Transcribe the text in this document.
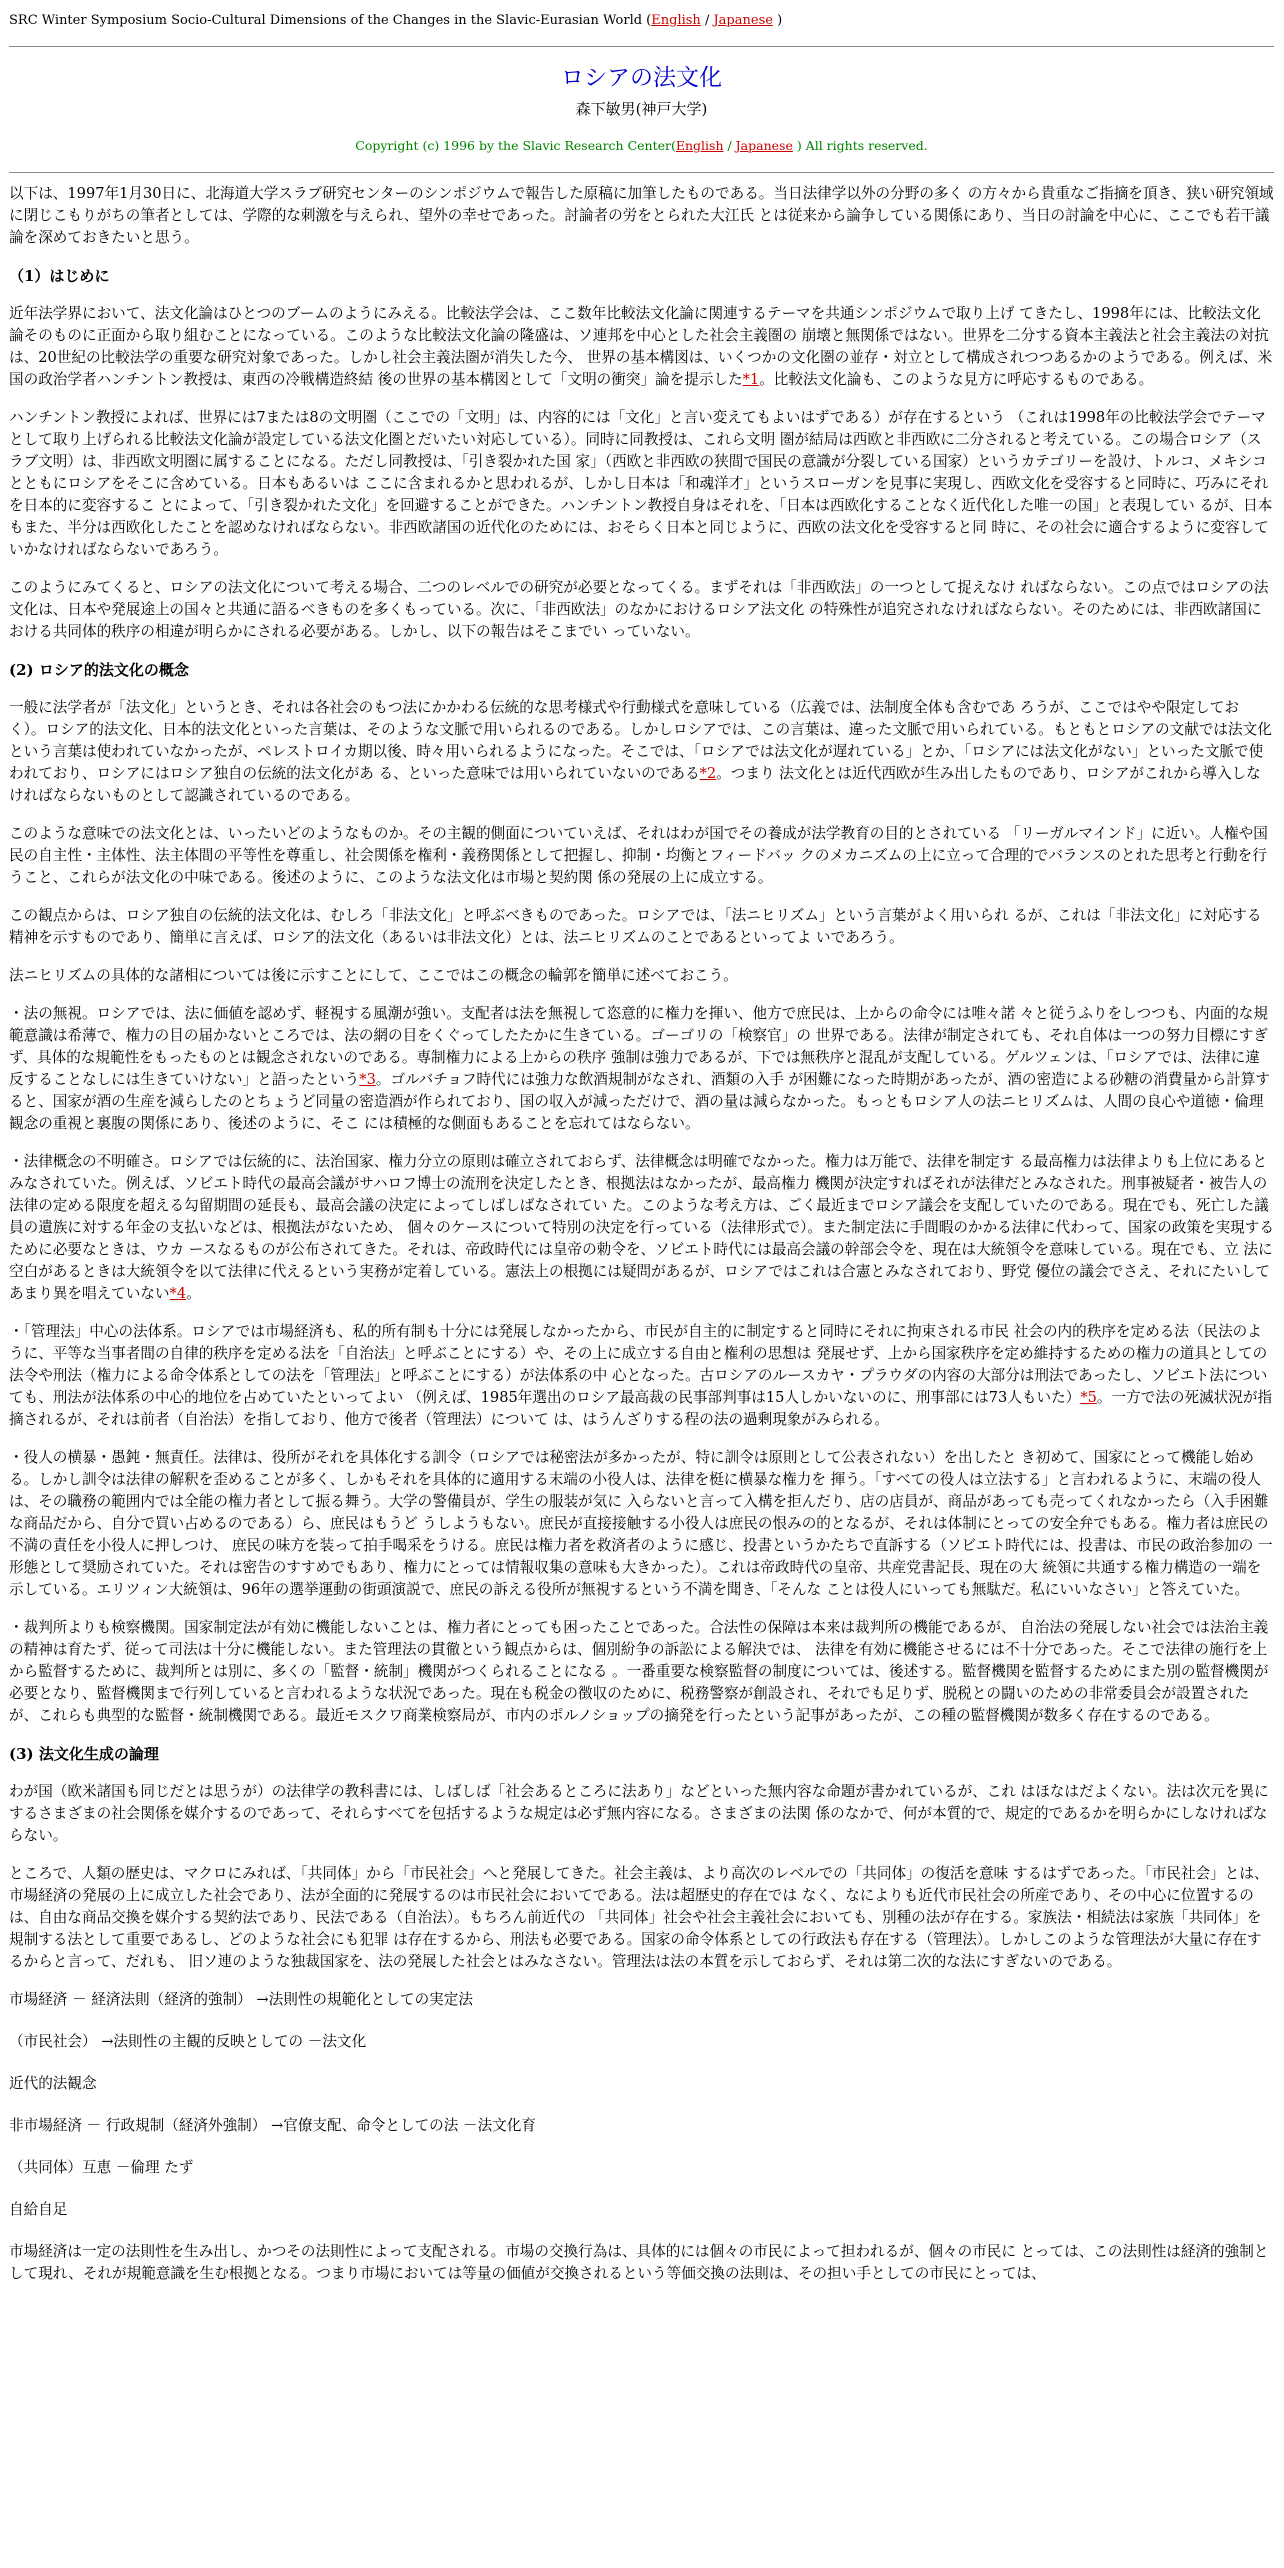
SRC Winter Symposium Socio-Cultural Dimensions of the Changes in the Slavic-Eurasian World (English / Japanese )
ロシアの法文化
森下敏男(神戸大学)
Copyright (c) 1996 by the Slavic Research Center(English / Japanese ) All rights reserved.

以下は、1997年1月30日に、北海道大学スラブ研究センターのシンポジウムで報告した原稿に加筆したものである。当日法律学以外の分野の多く の方々から貴重なご指摘を頂き、狭い研究領域に閉じこもりがちの筆者としては、学際的な刺激を与えられ、望外の幸せであった。討論者の労をとられた大江氏 とは従来から論争している関係にあり、当日の討論を中心に、ここでも若干議論を深めておきたいと思う。

（1）はじめに

近年法学界において、法文化論はひとつのブームのようにみえる。比較法学会は、ここ数年比較法文化論に関連するテーマを共通シンポジウムで取り上げ てきたし、1998年には、比較法文化論そのものに正面から取り組むことになっている。このような比較法文化論の隆盛は、ソ連邦を中心とした社会主義圏の 崩壊と無関係ではない。世界を二分する資本主義法と社会主義法の対抗は、20世紀の比較法学の重要な研究対象であった。しかし社会主義法圏が消失した今、 世界の基本構図は、いくつかの文化圏の並存・対立として構成されつつあるかのようである。例えば、米国の政治学者ハンチントン教授は、東西の冷戦構造終結 後の世界の基本構図として「文明の衝突」論を提示した*1。比較法文化論も、このような見方に呼応するものである。

ハンチントン教授によれば、世界には7または8の文明圏（ここでの「文明」は、内容的には「文化」と言い変えてもよいはずである）が存在するという （これは1998年の比較法学会でテーマとして取り上げられる比較法文化論が設定している法文化圏とだいたい対応している）。同時に同教授は、これら文明 圏が結局は西欧と非西欧に二分されると考えている。この場合ロシア（スラブ文明）は、非西欧文明圏に属することになる。ただし同教授は、「引き裂かれた国 家」（西欧と非西欧の狭間で国民の意識が分裂している国家）というカテゴリーを設け、トルコ、メキシコとともにロシアをそこに含めている。日本もあるいは ここに含まれるかと思われるが、しかし日本は「和魂洋才」というスローガンを見事に実現し、西欧文化を受容すると同時に、巧みにそれを日本的に変容するこ とによって、「引き裂かれた文化」を回避することができた。ハンチントン教授自身はそれを、「日本は西欧化することなく近代化した唯一の国」と表現してい るが、日本もまた、半分は西欧化したことを認めなければならない。非西欧諸国の近代化のためには、おそらく日本と同じように、西欧の法文化を受容すると同 時に、その社会に適合するように変容していかなければならないであろう。

このようにみてくると、ロシアの法文化について考える場合、二つのレベルでの研究が必要となってくる。まずそれは「非西欧法」の一つとして捉えなけ ればならない。この点ではロシアの法文化は、日本や発展途上の国々と共通に語るべきものを多くもっている。次に、「非西欧法」のなかにおけるロシア法文化 の特殊性が追究されなければならない。そのためには、非西欧諸国における共同体的秩序の相違が明らかにされる必要がある。しかし、以下の報告はそこまでい っていない。

(2) ロシア的法文化の概念

一般に法学者が「法文化」というとき、それは各社会のもつ法にかかわる伝統的な思考様式や行動様式を意味している（広義では、法制度全体も含むであ ろうが、ここではやや限定しておく）。ロシア的法文化、日本的法文化といった言葉は、そのような文脈で用いられるのである。しかしロシアでは、この言葉は、違った文脈で用いられている。もともとロシアの文献では法文化という言葉は使われていなかったが、ペレストロイカ期以後、時々用いられるようになった。そこでは、「ロシアでは法文化が遅れている」とか、「ロシアには法文化がない」といった文脈で使われており、ロシアにはロシア独自の伝統的法文化があ る、といった意味では用いられていないのである*2。つまり 法文化とは近代西欧が生み出したものであり、ロシアがこれから導入しなければならないものとして認識されているのである。

このような意味での法文化とは、いったいどのようなものか。その主観的側面についていえば、それはわが国でその養成が法学教育の目的とされている 「リーガルマインド」に近い。人権や国民の自主性・主体性、法主体間の平等性を尊重し、社会関係を権利・義務関係として把握し、抑制・均衡とフィードバッ クのメカニズムの上に立って合理的でバランスのとれた思考と行動を行うこと、これらが法文化の中味である。後述のように、このような法文化は市場と契約関 係の発展の上に成立する。

この観点からは、ロシア独自の伝統的法文化は、むしろ「非法文化」と呼ぶべきものであった。ロシアでは、「法ニヒリズム」という言葉がよく用いられ るが、これは「非法文化」に対応する精神を示すものであり、簡単に言えば、ロシア的法文化（あるいは非法文化）とは、法ニヒリズムのことであるといってよ いであろう。

法ニヒリズムの具体的な諸相については後に示すことにして、ここではこの概念の輪郭を簡単に述べておこう。

・法の無視。ロシアでは、法に価値を認めず、軽視する風潮が強い。支配者は法を無視して恣意的に権力を揮い、他方で庶民は、上からの命令には唯々諾 々と従うふりをしつつも、内面的な規範意識は希薄で、権力の目の届かないところでは、法の網の目をくぐってしたたかに生きている。ゴーゴリの「検察官」の 世界である。法律が制定されても、それ自体は一つの努力目標にすぎず、具体的な規範性をもったものとは観念されないのである。専制権力による上からの秩序 強制は強力であるが、下では無秩序と混乱が支配している。ゲルツェンは、「ロシアでは、法律に違反することなしには生きていけない」と語ったという*3。ゴルバチョフ時代には強力な飲酒規制がなされ、酒類の入手 が困難になった時期があったが、酒の密造による砂糖の消費量から計算すると、国家が酒の生産を減らしたのとちょうど同量の密造酒が作られており、国の収入が減っただけで、酒の量は減らなかった。もっともロシア人の法ニヒリズムは、人間の良心や道徳・倫理観念の重視と裏腹の関係にあり、後述のように、そこ には積極的な側面もあることを忘れてはならない。

・法律概念の不明確さ。ロシアでは伝統的に、法治国家、権力分立の原則は確立されておらず、法律概念は明確でなかった。権力は万能で、法律を制定す る最高権力は法律よりも上位にあるとみなされていた。例えば、ソビエト時代の最高会議がサハロフ博士の流刑を決定したとき、根拠法はなかったが、最高権力 機関が決定すればそれが法律だとみなされた。刑事被疑者・被告人の法律の定める限度を超える勾留期間の延長も、最高会議の決定によってしばしばなされてい た。このような考え方は、ごく最近までロシア議会を支配していたのである。現在でも、死亡した議員の遺族に対する年金の支払いなどは、根拠法がないため、 個々のケースについて特別の決定を行っている（法律形式で）。また制定法に手間暇のかかる法律に代わって、国家の政策を実現するために必要なときは、ウカ ースなるものが公布されてきた。それは、帝政時代には皇帝の勅令を、ソビエト時代には最高会議の幹部会令を、現在は大統領令を意味している。現在でも、立 法に空白があるときは大統領令を以て法律に代えるという実務が定着している。憲法上の根拠には疑問があるが、ロシアではこれは合憲とみなされており、野党 優位の議会でさえ、それにたいしてあまり異を唱えていない*4。

・「管理法」中心の法体系。ロシアでは市場経済も、私的所有制も十分には発展しなかったから、市民が自主的に制定すると同時にそれに拘束される市民 社会の内的秩序を定める法（民法のように、平等な当事者間の自律的秩序を定める法を「自治法」と呼ぶことにする）や、その上に成立する自由と権利の思想は 発展せず、上から国家秩序を定め維持するための権力の道具としての法令や刑法（権力による命令体系としての法を「管理法」と呼ぶことにする）が法体系の中 心となった。古ロシアのルースカヤ・プラウダの内容の大部分は刑法であったし、ソビエト法についても、刑法が法体系の中心的地位を占めていたといってよい （例えば、1985年選出のロシア最高裁の民事部判事は15人しかいないのに、刑事部には73人もいた）*5。一方で法の死滅状況が指摘されるが、それは前者（自治法）を指しており、他方で後者（管理法）について は、はうんざりする程の法の過剰現象がみられる。

・役人の横暴・愚鈍・無責任。法律は、役所がそれを具体化する訓令（ロシアでは秘密法が多かったが、特に訓令は原則として公表されない）を出したと き初めて、国家にとって機能し始める。しかし訓令は法律の解釈を歪めることが多く、しかもそれを具体的に適用する末端の小役人は、法律を梃に横暴な権力を 揮う。「すべての役人は立法する」と言われるように、末端の役人は、その職務の範囲内では全能の権力者として振る舞う。大学の警備員が、学生の服装が気に 入らないと言って入構を拒んだり、店の店員が、商品があっても売ってくれなかったら（入手困難な商品だから、自分で買い占めるのである）ら、庶民はもうど うしようもない。庶民が直接接触する小役人は庶民の恨みの的となるが、それは体制にとっての安全弁でもある。権力者は庶民の不満の責任を小役人に押しつけ、 庶民の味方を装って拍手喝采をうける。庶民は権力者を救済者のように感じ、投書というかたちで直訴する（ソビエト時代には、投書は、市民の政治参加の 一形態として奨励されていた。それは密告のすすめでもあり、権力にとっては情報収集の意味も大きかった）。これは帝政時代の皇帝、共産党書記長、現在の大 統領に共通する権力構造の一端を示している。エリツィン大統領は、96年の選挙運動の街頭演説で、庶民の訴える役所が無視するという不満を聞き、「そんな ことは役人にいっても無駄だ。私にいいなさい」と答えていた。

・裁判所よりも検察機関。国家制定法が有効に機能しないことは、権力者にとっても困ったことであった。合法性の保障は本来は裁判所の機能であるが、 自治法の発展しない社会では法治主義の精神は育たず、従って司法は十分に機能しない。また管理法の貫徹という観点からは、個別紛争の訴訟による解決では、 法律を有効に機能させるには不十分であった。そこで法律の施行を上から監督するために、裁判所とは別に、多くの「監督・統制」機関がつくられることになる 。一番重要な検察監督の制度については、後述する。監督機関を監督するためにまた別の監督機関が必要となり、監督機関まで行列していると言われるような状況であった。現在も税金の徴収のために、税務警察が創設され、それでも足りず、脱税との闘いのための非常委員会が設置されたが、これらも典型的な監督・統制機関である。最近モスクワ商業検察局が、市内のポルノショップの摘発を行ったという記事があったが、この種の監督機関が数多く存在するのである。

(3) 法文化生成の論理

わが国（欧米諸国も同じだとは思うが）の法律学の教科書には、しばしば「社会あるところに法あり」などといった無内容な命題が書かれているが、これ はほなはだよくない。法は次元を異にするさまざまの社会関係を媒介するのであって、それらすべてを包括するような規定は必ず無内容になる。さまざまの法関 係のなかで、何が本質的で、規定的であるかを明らかにしなければならない。

ところで、人類の歴史は、マクロにみれば、「共同体」から「市民社会」へと発展してきた。社会主義は、より高次のレベルでの「共同体」の復活を意味 するはずであった。「市民社会」とは、市場経済の発展の上に成立した社会であり、法が全面的に発展するのは市民社会においてである。法は超歴史的存在では なく、なによりも近代市民社会の所産であり、その中心に位置するのは、自由な商品交換を媒介する契約法であり、民法である（自治法）。もちろん前近代の 「共同体」社会や社会主義社会においても、別種の法が存在する。家族法・相続法は家族「共同体」を規制する法として重要であるし、どのような社会にも犯罪 は存在するから、刑法も必要である。国家の命令体系としての行政法も存在する（管理法）。しかしこのような管理法が大量に存在するからと言って、だれも、 旧ソ連のような独裁国家を、法の発展した社会とはみなさない。管理法は法の本質を示しておらず、それは第二次的な法にすぎないのである。

市場経済 － 経済法則（経済的強制） →法則性の規範化としての実定法
（市民社会） →法則性の主観的反映としての －法文化
近代的法観念
非市場経済 － 行政規制（経済外強制） →官僚支配、命令としての法 －法文化育
（共同体）互恵 －倫理 たず
自給自足

市場経済は一定の法則性を生み出し、かつその法則性によって支配される。市場の交換行為は、具体的には個々の市民によって担われるが、個々の市民に とっては、この法則性は経済的強制として現れ、それが規範意識を生む根拠となる。つまり市場においては等量の価値が交換されるという等価交換の法則は、その担い手としての市民にとっては、
